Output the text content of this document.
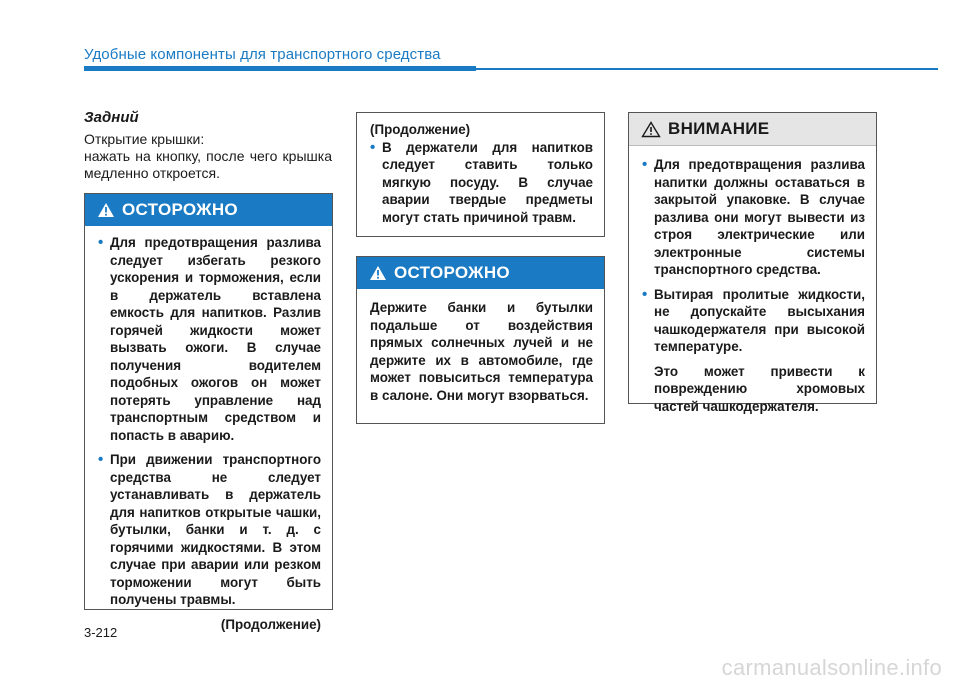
Удобные компоненты для транспортного средства
Задний

Открытие крышки:

нажать на кнопку, после чего крышка медленно откроется.

ОСТОРОЖНО
• Для предотвращения разлива следует избегать резкого ускорения и торможения, если в держатель вставлена емкость для напитков. Разлив горячей жидкости может вызвать ожоги. В случае получения водителем подобных ожогов он может потерять управление над транспортным средством и попасть в аварию.
• При движении транспортного средства не следует устанавливать в держатель для напитков открытые чашки, бутылки, банки и т. д. с горячими жидкостями. В этом случае при аварии или резком торможении могут быть получены травмы.

(Продолжение)

(Продолжение)

• В держатели для напитков следует ставить только мягкую посуду. В случае аварии твердые предметы могут стать причиной травм.
ОСТОРОЖНО

Держите банки и бутылки подальше от воздействия прямых солнечных лучей и не держите их в автомобиле, где может повыситься температура в салоне. Они могут взорваться.

ВНИМАНИЕ
• Для предотвращения разлива напитки должны оставаться в закрытой упаковке. В случае разлива они могут вывести из строя электрические или электронные системы транспортного средства.
• Вытирая пролитые жидкости, не допускайте высыхания чашкодержателя при высокой температуре.

Это может привести к повреждению хромовых частей чашкодержателя.

3-212
carmanualsonline.info
